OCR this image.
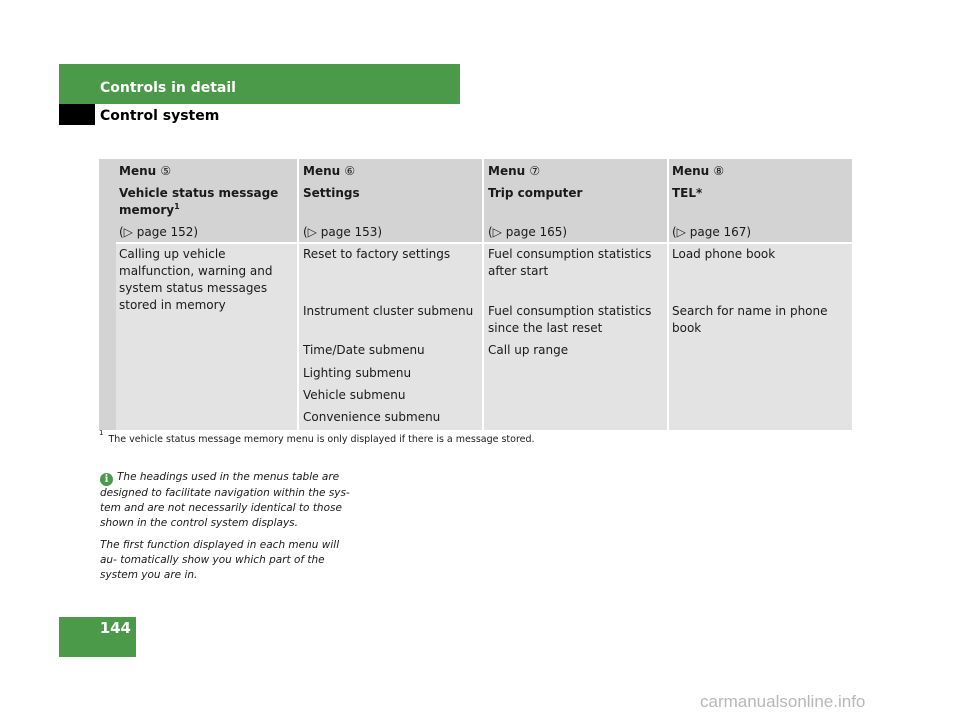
Controls in detail
Control system
Menu ⑤
Vehicle status message memory$^1$
(▷ page 152)
Menu ⑥
Settings
(▷ page 153)
Menu ⑦
Trip computer
(▷ page 165)
Menu ⑧
TEL*
(▷ page 167)
Calling up vehicle malfunction, warning and system status messages stored in memory
Reset to factory settings
Instrument cluster submenu
Time/Date submenu
Lighting submenu
Vehicle submenu
Convenience submenu
Fuel consumption statistics after start
Fuel consumption statistics since the last reset
Call up range
Load phone book
Search for name in phone book
$^1$The vehicle status message memory menu is only displayed if there is a message stored.

i The headings used in the menus table are designed to facilitate navigation within the sys- tem and are not necessarily identical to those shown in the control system displays.

The first function displayed in each menu will au- tomatically show you which part of the system you are in.

144
carmanualsonline.info
